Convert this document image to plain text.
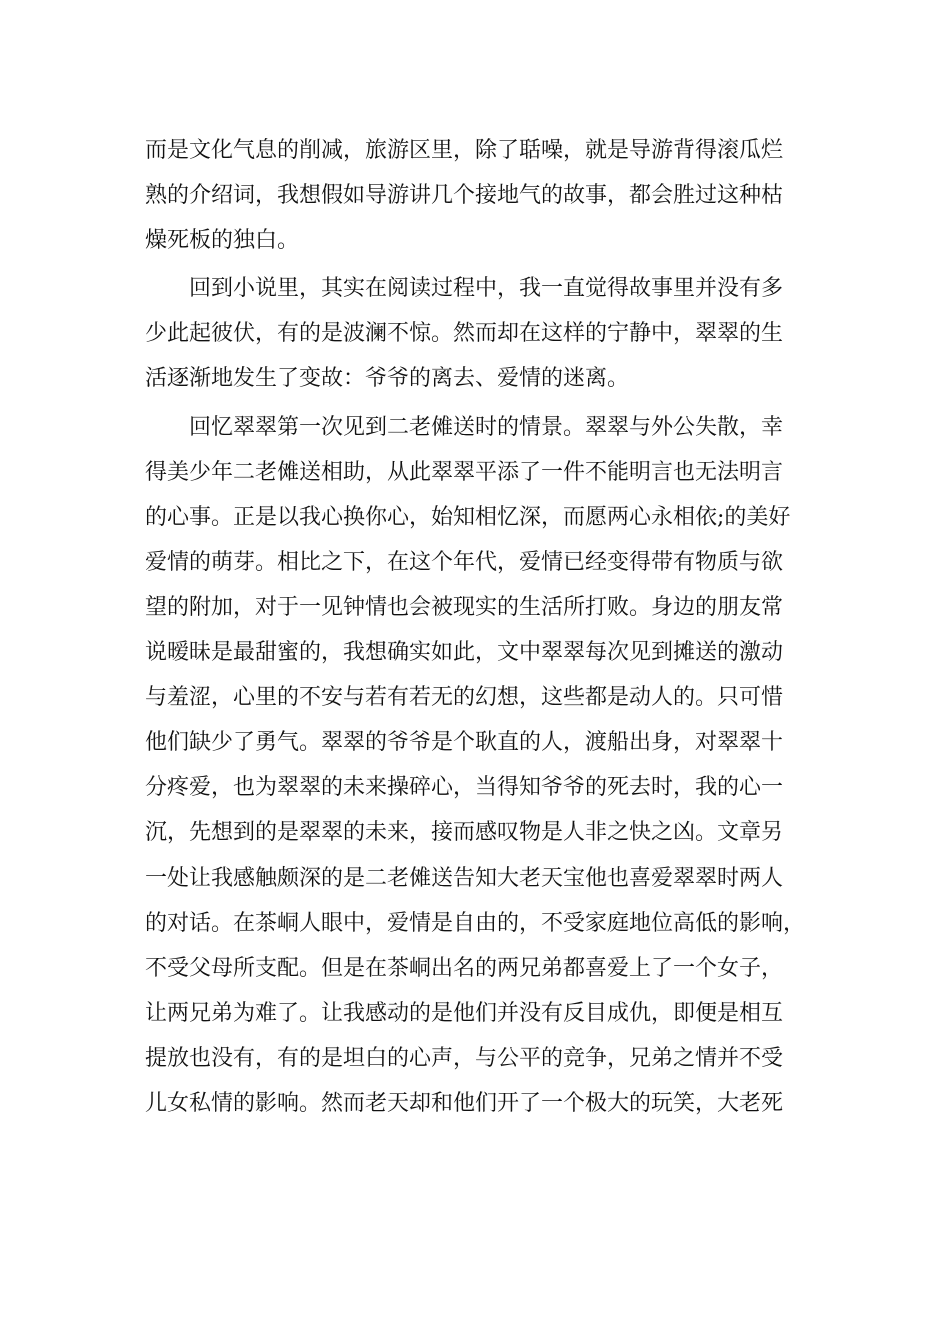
而是文化气息的削减，旅游区里，除了聒噪，就是导游背得滚瓜烂
熟的介绍词，我想假如导游讲几个接地气的故事，都会胜过这种枯
燥死板的独白。
回到小说里，其实在阅读过程中，我一直觉得故事里并没有多
少此起彼伏，有的是波澜不惊。然而却在这样的宁静中，翠翠的生
活逐渐地发生了变故：爷爷的离去、爱情的迷离。
回忆翠翠第一次见到二老傩送时的情景。翠翠与外公失散，幸
得美少年二老傩送相助，从此翠翠平添了一件不能明言也无法明言
的心事。正是以我心换你心，始知相忆深，而愿两心永相依;的美好
爱情的萌芽。相比之下，在这个年代，爱情已经变得带有物质与欲
望的附加，对于一见钟情也会被现实的生活所打败。身边的朋友常
说暧昧是最甜蜜的，我想确实如此，文中翠翠每次见到摊送的激动
与羞涩，心里的不安与若有若无的幻想，这些都是动人的。只可惜
他们缺少了勇气。翠翠的爷爷是个耿直的人，渡船出身，对翠翠十
分疼爱，也为翠翠的未来操碎心，当得知爷爷的死去时，我的心一
沉，先想到的是翠翠的未来，接而感叹物是人非之快之凶。文章另
一处让我感触颇深的是二老傩送告知大老天宝他也喜爱翠翠时两人
的对话。在茶峒人眼中，爱情是自由的，不受家庭地位高低的影响，
不受父母所支配。但是在茶峒出名的两兄弟都喜爱上了一个女子，
让两兄弟为难了。让我感动的是他们并没有反目成仇，即便是相互
提放也没有，有的是坦白的心声，与公平的竞争，兄弟之情并不受
儿女私情的影响。然而老天却和他们开了一个极大的玩笑，大老死
